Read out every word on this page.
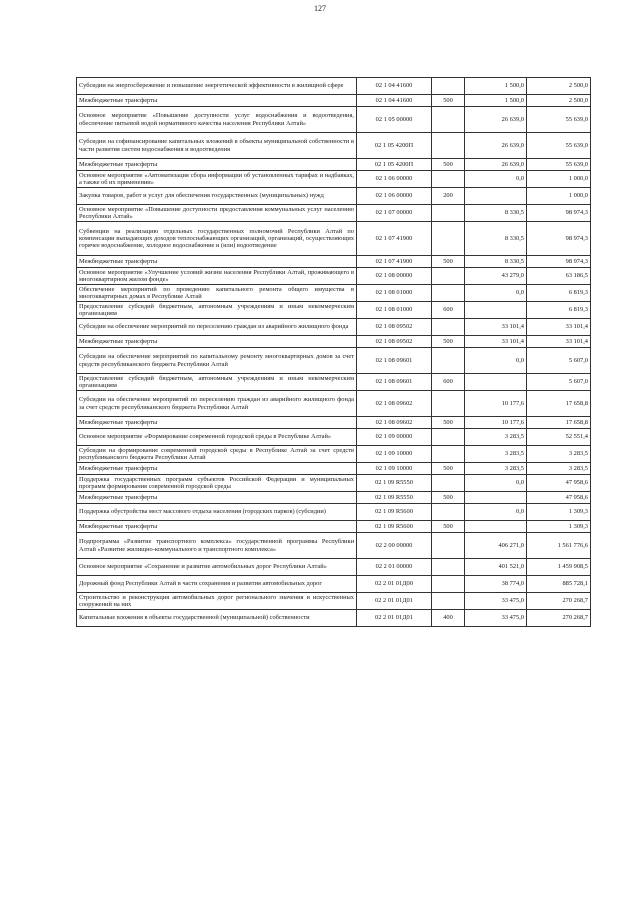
127
Субсидии на энергосбережение и повышение энергетической эффективности в жилищной сфере	02 1 04 41600		1 500,0	2 500,0
Межбюджетные трансферты	02 1 04 41600	500	1 500,0	2 500,0
Основное мероприятие «Повышение доступности услуг водоснабжения и водоотведения, обеспечение питьевой водой нормативного качества населения Республики Алтай»	02 1 05 00000		26 639,0	55 639,0
Субсидии на софинансирование капитальных вложений в объекты муниципальной собственности в части развития систем водоснабжения и водоотведения	02 1 05 4200П		26 639,0	55 639,0
Межбюджетные трансферты	02 1 05 4200П	500	26 639,0	55 639,0
Основное мероприятие «Автоматизация сбора информации об установленных тарифах и надбавках, а также об их применении»	02 1 06 00000		0,0	1 000,0
Закупка товаров, работ и услуг для обеспечения государственных (муниципальных) нужд	02 1 06 00000	200		1 000,0
Основное мероприятие «Повышение доступности предоставления коммунальных услуг населению Республики Алтай»	02 1 07 00000		8 330,5	98 974,3
Субвенции на реализацию отдельных государственных полномочий Республики Алтай по компенсации выпадающих доходов теплоснабжающих организаций, организаций, осуществляющих горячее водоснабжение, холодное водоснабжение и (или) водоотведение	02 1 07 41900		8 330,5	98 974,3
Межбюджетные трансферты	02 1 07 41900	500	8 330,5	98 974,3
Основное мероприятие «Улучшение условий жизни населения Республики Алтай, проживающего в многоквартирном жилом фонде»	02 1 08 00000		43 279,0	63 186,5
Обеспечение мероприятий по проведению капитального ремонта общего имущества в многоквартирных домах в Республике Алтай	02 1 08 01000		0,0	6 819,3
Предоставление субсидий бюджетным, автономным учреждениям и иным некоммерческим организациям	02 1 08 01000	600		6 819,3
Субсидии на обеспечение мероприятий по переселению граждан из аварийного жилищного фонда	02 1 08 09502		33 101,4	33 101,4
Межбюджетные трансферты	02 1 08 09502	500	33 101,4	33 101,4
Субсидии на обеспечение мероприятий по капитальному ремонту многоквартирных домов за счет средств республиканского бюджета Республики Алтай	02 1 08 09601		0,0	5 607,0
Предоставление субсидий бюджетным, автономным учреждениям и иным некоммерческим организациям	02 1 08 09601	600		5 607,0
Субсидии на обеспечение мероприятий по переселению граждан из аварийного жилищного фонда за счет средств республиканского бюджета Республики Алтай	02 1 08 09602		10 177,6	17 658,8
Межбюджетные трансферты	02 1 08 09602	500	10 177,6	17 658,8
Основное мероприятие «Формирование современной городской среды в Республике Алтай»	02 1 09 00000		3 283,5	52 551,4
Субсидии на формирование современной городской среды в Республике Алтай за счет средств республиканского бюджета Республики Алтай	02 1 09 10000		3 283,5	3 283,5
Межбюджетные трансферты	02 1 09 10000	500	3 283,5	3 283,5
Поддержка государственных программ субъектов Российской Федерации и муниципальных программ формирования современной городской среды	02 1 09 R5550		0,0	47 958,6
Межбюджетные трансферты	02 1 09 R5550	500		47 958,6
Поддержка обустройства мест массового отдыха населения (городских парков) (субсидии)	02 1 09 R5600		0,0	1 309,3
Межбюджетные трансферты	02 1 09 R5600	500		1 309,3
Подпрограмма «Развитие транспортного комплекса» государственной программы Республики Алтай «Развитие жилищно-коммунального и транспортного комплекса»	02 2 00 00000		406 271,0	1 561 776,6
Основное мероприятие «Сохранение и развитие автомобильных дорог Республики Алтай»	02 2 01 00000		401 521,0	1 459 908,5
Дорожный фонд Республики Алтай в части сохранения и развития автомобильных дорог	02 2 01 01Д00		38 774,0	885 728,1
Строительство и реконструкция автомобильных дорог регионального значения и искусственных сооружений на них	02 2 01 01Д01		33 475,0	270 268,7
Капитальные вложения в объекты государственной (муниципальной) собственности	02 2 01 01Д01	400	33 475,0	270 268,7
